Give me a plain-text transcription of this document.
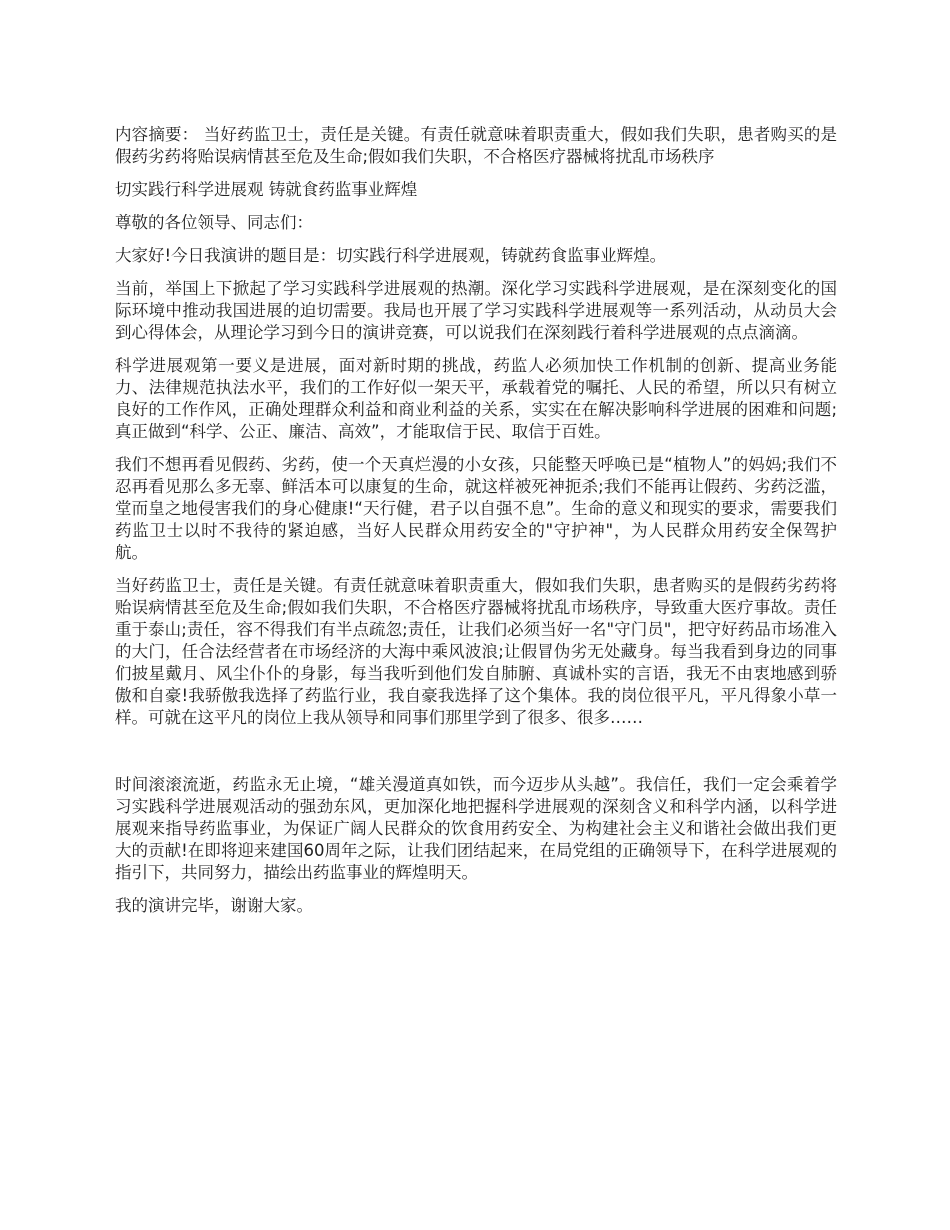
内容摘要： 当好药监卫士，责任是关键。有责任就意味着职责重大，假如我们失职，患者购买的是假药劣药将贻误病情甚至危及生命;假如我们失职，不合格医疗器械将扰乱市场秩序

切实践行科学进展观 铸就食药监事业辉煌

尊敬的各位领导、同志们：

大家好!今日我演讲的题目是：切实践行科学进展观，铸就药食监事业辉煌。

当前，举国上下掀起了学习实践科学进展观的热潮。深化学习实践科学进展观，是在深刻变化的国际环境中推动我国进展的迫切需要。我局也开展了学习实践科学进展观等一系列活动，从动员大会到心得体会，从理论学习到今日的演讲竞赛，可以说我们在深刻践行着科学进展观的点点滴滴。

科学进展观第一要义是进展，面对新时期的挑战，药监人必须加快工作机制的创新、提高业务能力、法律规范执法水平，我们的工作好似一架天平，承载着党的嘱托、人民的希望，所以只有树立良好的工作作风，正确处理群众利益和商业利益的关系，实实在在解决影响科学进展的困难和问题;真正做到“科学、公正、廉洁、高效”，才能取信于民、取信于百姓。

我们不想再看见假药、劣药，使一个天真烂漫的小女孩，只能整天呼唤已是“植物人”的妈妈;我们不忍再看见那么多无辜、鲜活本可以康复的生命，就这样被死神扼杀;我们不能再让假药、劣药泛滥，堂而皇之地侵害我们的身心健康!“天行健，君子以自强不息”。生命的意义和现实的要求，需要我们药监卫士以时不我待的紧迫感，当好人民群众用药安全的"守护神"，为人民群众用药安全保驾护航。

当好药监卫士，责任是关键。有责任就意味着职责重大，假如我们失职，患者购买的是假药劣药将贻误病情甚至危及生命;假如我们失职，不合格医疗器械将扰乱市场秩序，导致重大医疗事故。责任重于泰山;责任，容不得我们有半点疏忽;责任，让我们必须当好一名"守门员"，把守好药品市场准入的大门，任合法经营者在市场经济的大海中乘风波浪;让假冒伪劣无处藏身。每当我看到身边的同事们披星戴月、风尘仆仆的身影，每当我听到他们发自肺腑、真诚朴实的言语，我无不由衷地感到骄傲和自豪!我骄傲我选择了药监行业，我自豪我选择了这个集体。我的岗位很平凡，平凡得象小草一样。可就在这平凡的岗位上我从领导和同事们那里学到了很多、很多……

时间滚滚流逝，药监永无止境，“雄关漫道真如铁，而今迈步从头越”。我信任，我们一定会乘着学习实践科学进展观活动的强劲东风，更加深化地把握科学进展观的深刻含义和科学内涵，以科学进展观来指导药监事业，为保证广阔人民群众的饮食用药安全、为构建社会主义和谐社会做出我们更大的贡献!在即将迎来建国60周年之际，让我们团结起来，在局党组的正确领导下，在科学进展观的指引下，共同努力，描绘出药监事业的辉煌明天。

我的演讲完毕，谢谢大家。
